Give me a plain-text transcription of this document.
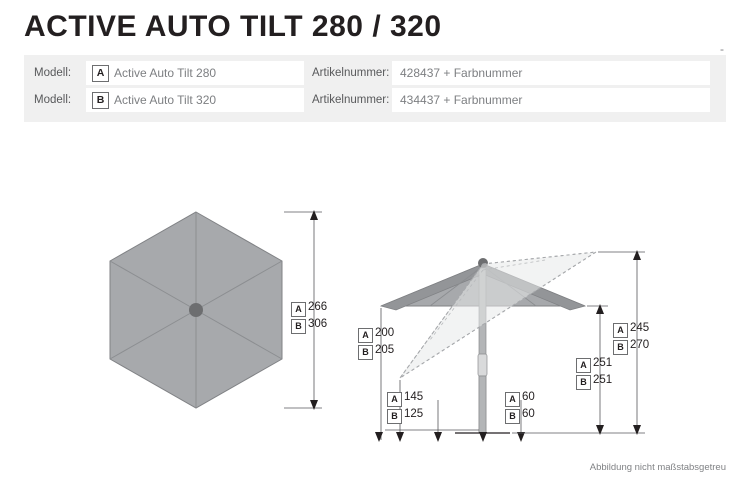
ACTIVE AUTO TILT 280 / 320
Modell:	A Active Auto Tilt 280	Artikelnummer: 428437 + Farbnummer
Modell:	B Active Auto Tilt 320	Artikelnummer: 434437 + Farbnummer
-
A 266
B 306
A 200
B 205
A 145
B 125
A 60
B 60
A 245
B 270
A 251
B 251
Abbildung nicht maßstabsgetreu
